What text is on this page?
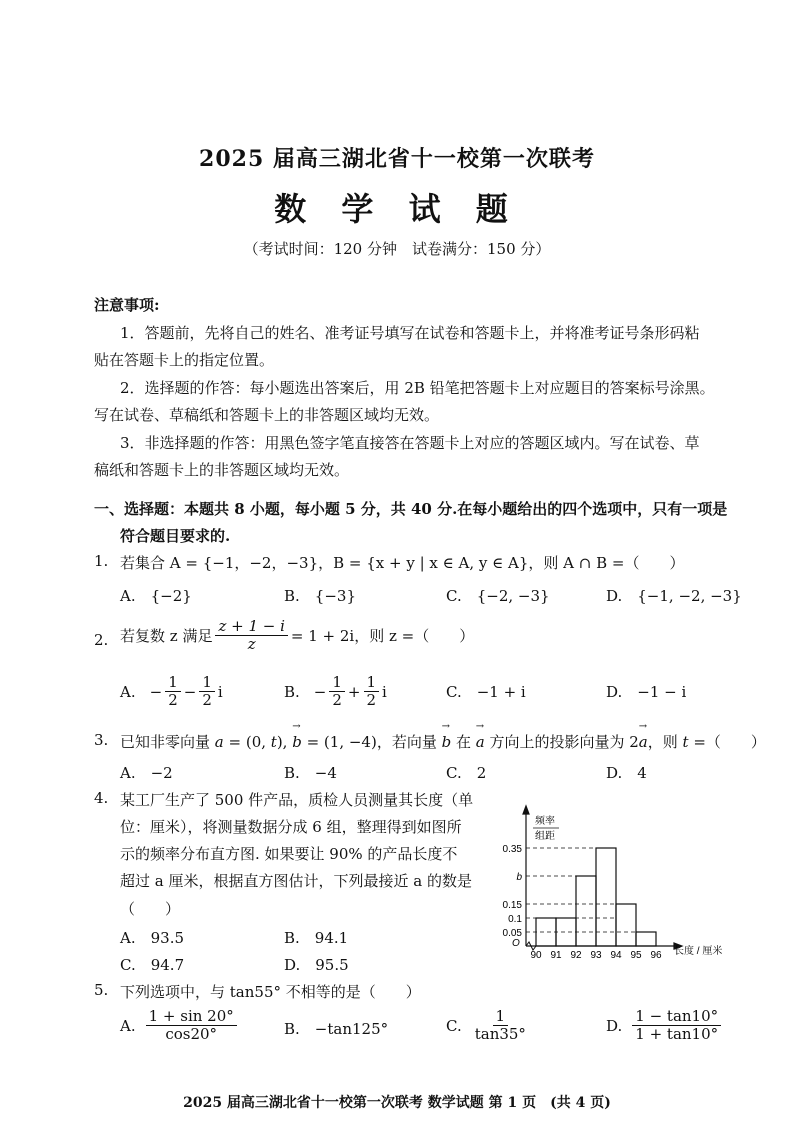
2025 届高三湖北省十一校第一次联考
数 学 试 题
（考试时间：120 分钟　试卷满分：150 分）
注意事项:
1．答题前，先将自己的姓名、准考证号填写在试卷和答题卡上，并将准考证号条形码粘
贴在答题卡上的指定位置。
2．选择题的作答：每小题选出答案后，用 2B 铅笔把答题卡上对应题目的答案标号涂黑。
写在试卷、草稿纸和答题卡上的非答题区域均无效。
3．非选择题的作答：用黑色签字笔直接答在答题卡上对应的答题区域内。写在试卷、草
稿纸和答题卡上的非答题区域均无效。
一、选择题：本题共 8 小题，每小题 5 分，共 40 分.在每小题给出的四个选项中，只有一项是
符合题目要求的.
1. 若集合 A = {−1，−2，−3}，B = {x + y | x ∈ A, y ∈ A}，则 A ∩ B =（　　）
A.　{−2}	B.　{−3}	C.　{−2, −3}	D.　{−1, −2, −3}
2. 若复数 z 满足 $\frac{z + 1 - i}{z} = 1 + 2i$，则 z =（　　）
A. − $\frac{1}{2} - \frac{1}{2}$ i	B. − $\frac{1}{2} + \frac{1}{2}$ i	C.　−1 + i	D.　−1 − i
3. 已知非零向量 a = (0, t), → b = (1, −4)，若向量 → b 在 → a 方向上的投影向量为 2→ a，则 t =（　　）
A.　−2	B.　−4	C.　2	D.　4
4. 某工厂生产了 500 件产品，质检人员测量其长度（单
位：厘米），将测量数据分成 6 组，整理得到如图所
示的频率分布直方图. 如果要让 90% 的产品长度不
超过 a 厘米，根据直方图估计，下列最接近 a 的数是
（　　）
A.　93.5	B.　94.1
C.　94.7	D.　95.5
频率
组距
长度 / 厘米
O
0.35
b
0.15
0.1
0.05
90 91 92 93 94 95 96
5. 下列选项中，与 tan55° 不相等的是（　　）
A. $\frac{1 + \sin 20^\circ}{\cos 20^\circ}$	B.　−tan125°	C. $\frac{1}{\tan 35^\circ}$	D. $\frac{1 - \tan 10^\circ}{1 + \tan 10^\circ}$
2025 届高三湖北省十一校第一次联考 数学试题 第 1 页　(共 4 页)
